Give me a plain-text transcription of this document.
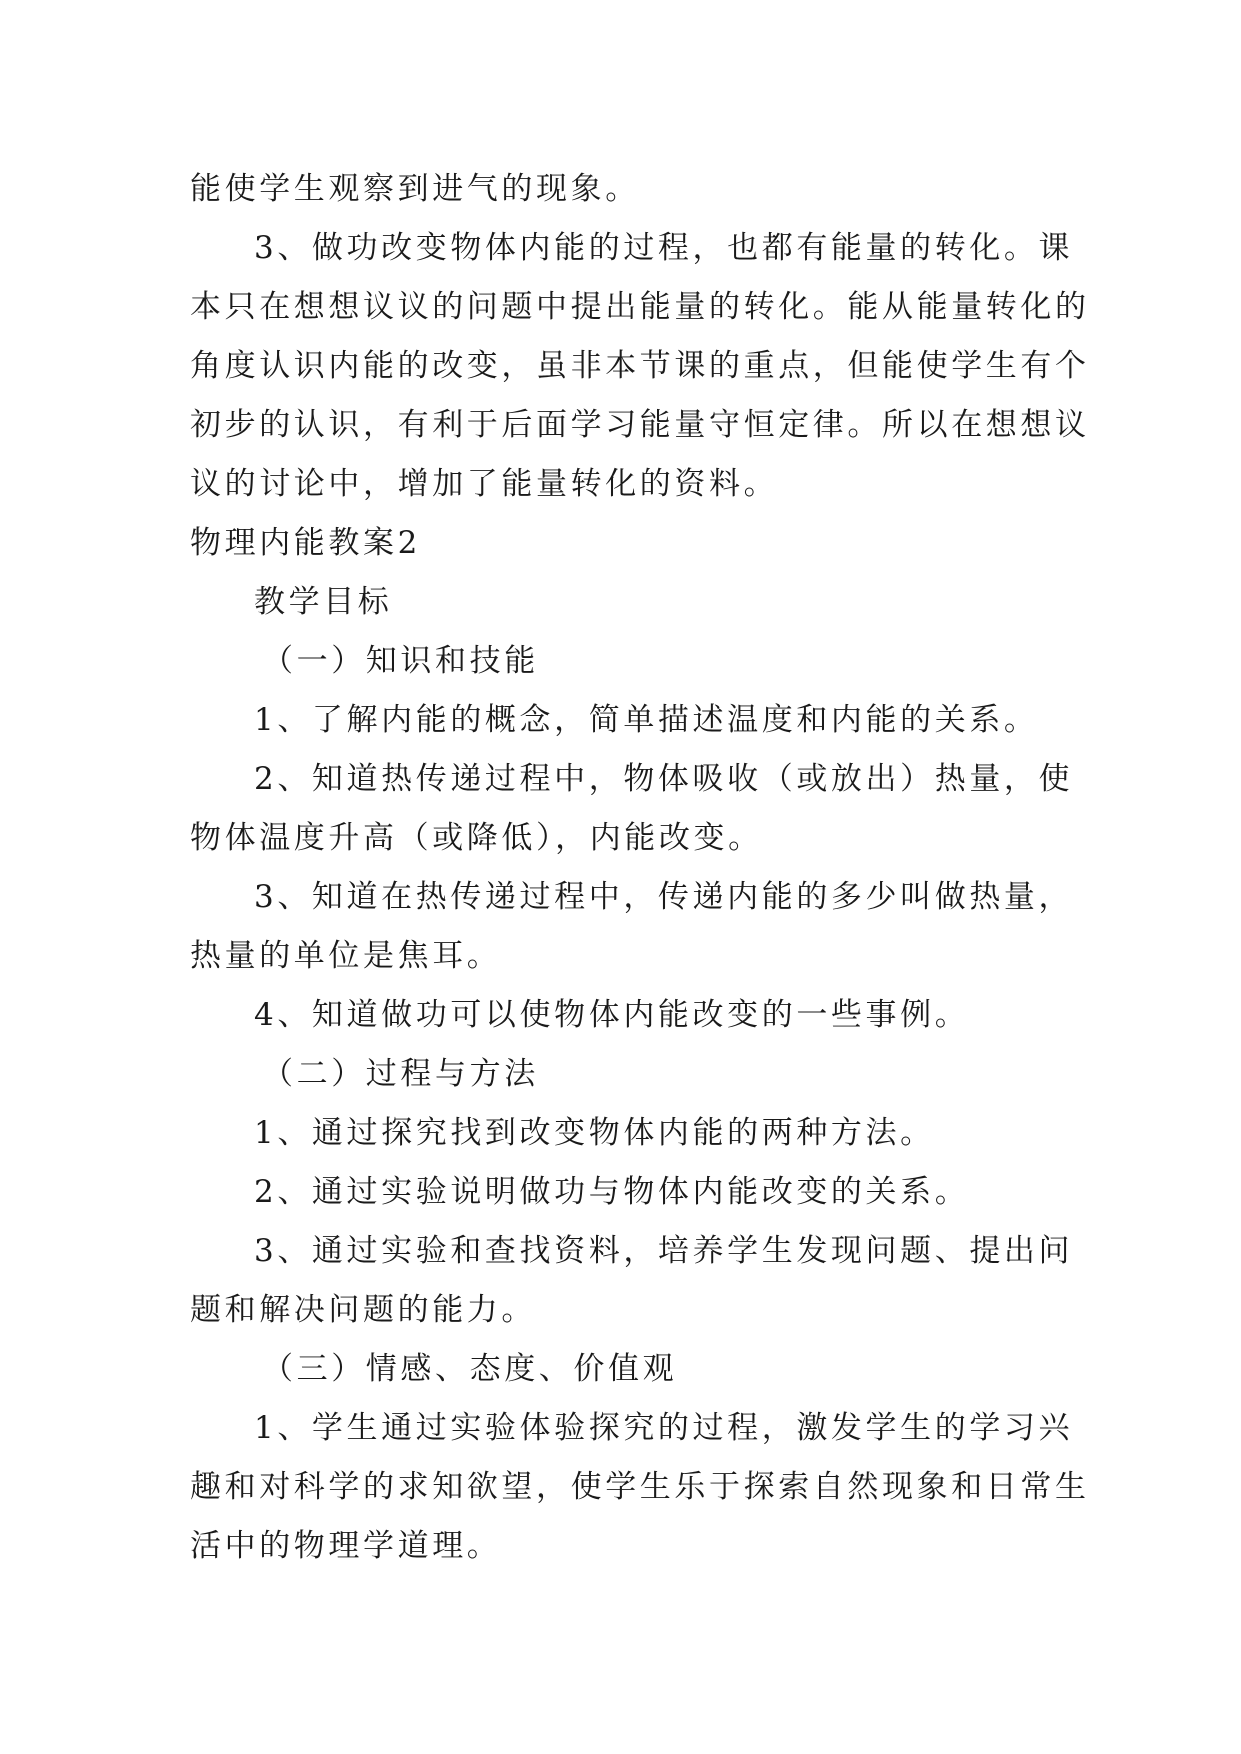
能使学生观察到进气的现象。
3、做功改变物体内能的过程，也都有能量的转化。课
本只在想想议议的问题中提出能量的转化。能从能量转化的
角度认识内能的改变，虽非本节课的重点，但能使学生有个
初步的认识，有利于后面学习能量守恒定律。所以在想想议
议的讨论中，增加了能量转化的资料。
物理内能教案2
教学目标
（一）知识和技能
1、了解内能的概念，简单描述温度和内能的关系。
2、知道热传递过程中，物体吸收（或放出）热量，使
物体温度升高（或降低），内能改变。
3、知道在热传递过程中，传递内能的多少叫做热量，
热量的单位是焦耳。
4、知道做功可以使物体内能改变的一些事例。
（二）过程与方法
1、通过探究找到改变物体内能的两种方法。
2、通过实验说明做功与物体内能改变的关系。
3、通过实验和查找资料，培养学生发现问题、提出问
题和解决问题的能力。
（三）情感、态度、价值观
1、学生通过实验体验探究的过程，激发学生的学习兴
趣和对科学的求知欲望，使学生乐于探索自然现象和日常生
活中的物理学道理。
